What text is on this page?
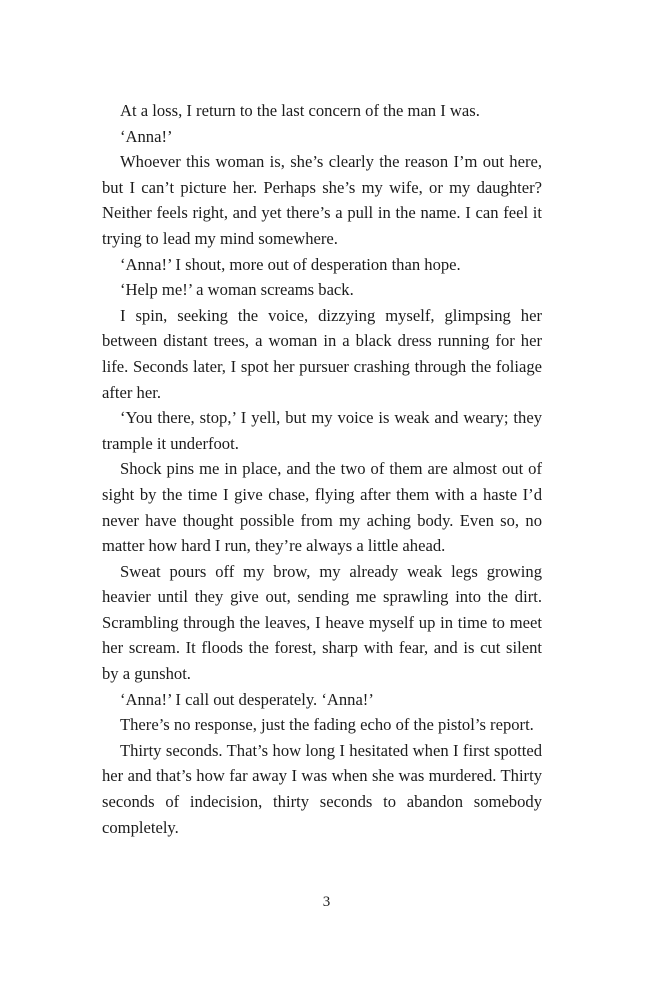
At a loss, I return to the last concern of the man I was.

‘Anna!’

Whoever this woman is, she’s clearly the reason I’m out here, but I can’t picture her. Perhaps she’s my wife, or my daughter? Neither feels right, and yet there’s a pull in the name. I can feel it trying to lead my mind somewhere.

‘Anna!’ I shout, more out of desperation than hope.

‘Help me!’ a woman screams back.

I spin, seeking the voice, dizzying myself, glimpsing her between distant trees, a woman in a black dress running for her life. Seconds later, I spot her pursuer crashing through the foliage after her.

‘You there, stop,’ I yell, but my voice is weak and weary; they trample it underfoot.

Shock pins me in place, and the two of them are almost out of sight by the time I give chase, flying after them with a haste I’d never have thought possible from my aching body. Even so, no matter how hard I run, they’re always a little ahead.

Sweat pours off my brow, my already weak legs growing heavier until they give out, sending me sprawling into the dirt. Scrambling through the leaves, I heave myself up in time to meet her scream. It floods the forest, sharp with fear, and is cut silent by a gunshot.

‘Anna!’ I call out desperately. ‘Anna!’

There’s no response, just the fading echo of the pistol’s report.

Thirty seconds. That’s how long I hesitated when I first spotted her and that’s how far away I was when she was murdered. Thirty seconds of indecision, thirty seconds to abandon somebody completely.

3
